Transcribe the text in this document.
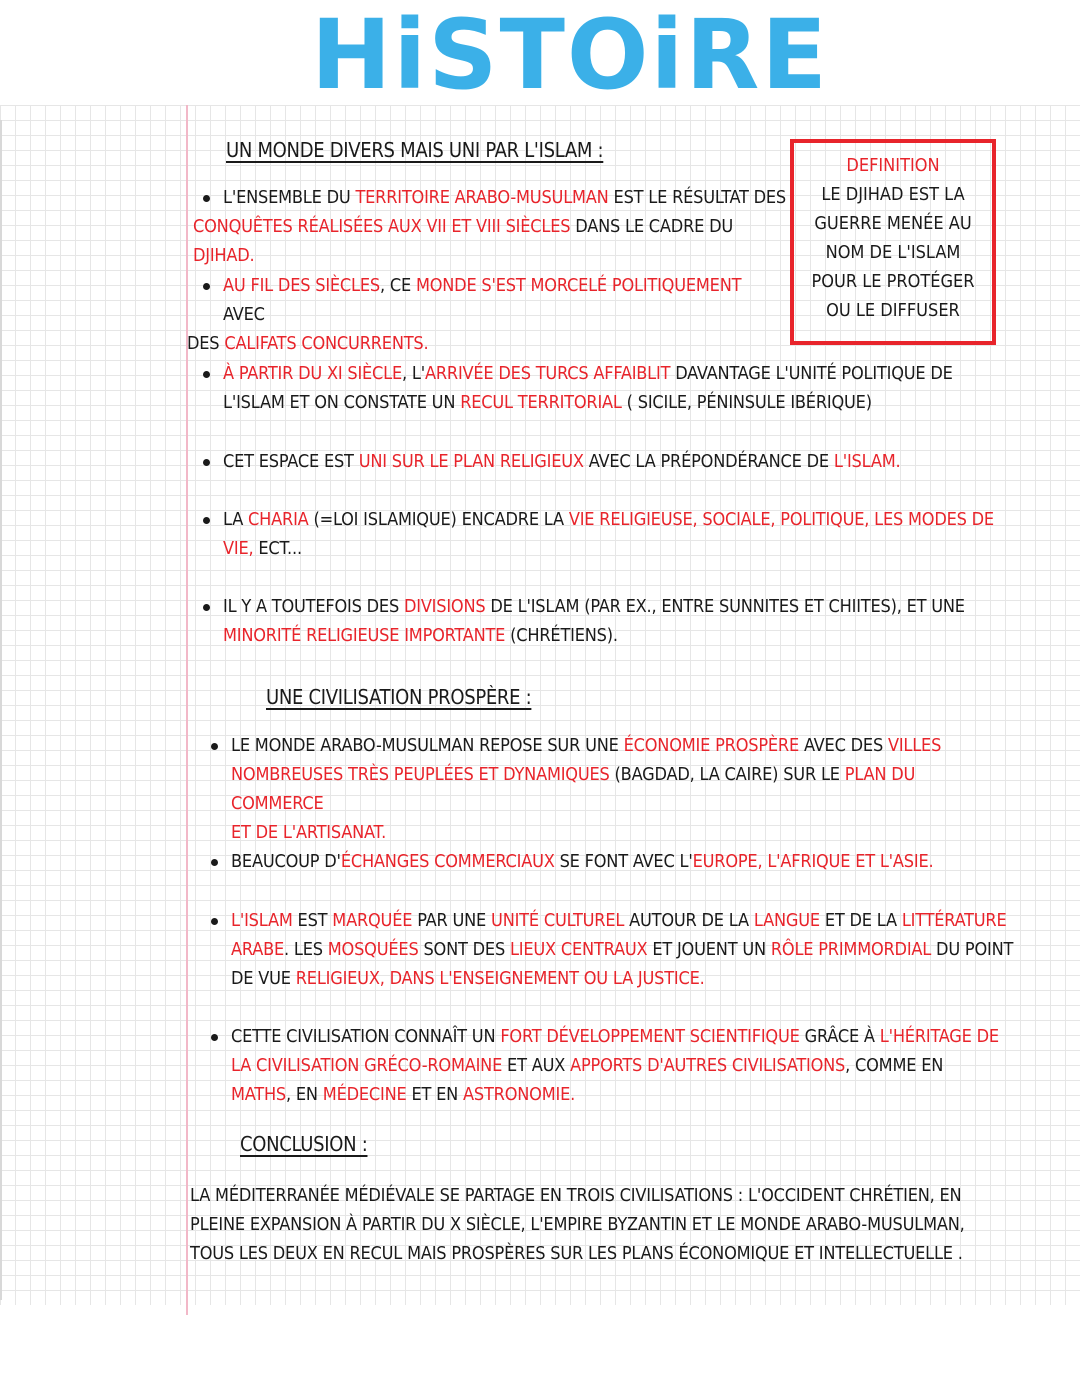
HiSTOiRE
DEFINITION
LE DJIHAD EST LA
GUERRE MENÉE AU
NOM DE L'ISLAM
POUR LE PROTÉGER
OU LE DIFFUSER
UN MONDE DIVERS MAIS UNI PAR L'ISLAM :
L'ENSEMBLE DU TERRITOIRE ARABO-MUSULMAN EST LE RÉSULTAT DES
CONQUÊTES RÉALISÉES AUX VII ET VIII SIÈCLES DANS LE CADRE DU DJIHAD.
AU FIL DES SIÈCLES, CE MONDE S'EST MORCELÉ POLITIQUEMENT AVEC
DES CALIFATS CONCURRENTS.
À PARTIR DU XI SIÈCLE, L'ARRIVÉE DES TURCS AFFAIBLIT DAVANTAGE L'UNITÉ POLITIQUE DE
L'ISLAM ET ON CONSTATE UN RECUL TERRITORIAL ( SICILE, PÉNINSULE IBÉRIQUE)
CET ESPACE EST UNI SUR LE PLAN RELIGIEUX AVEC LA PRÉPONDÉRANCE DE L'ISLAM.
LA CHARIA (=LOI ISLAMIQUE) ENCADRE LA VIE RELIGIEUSE, SOCIALE, POLITIQUE, LES MODES DE
VIE, ECT...
IL Y A TOUTEFOIS DES DIVISIONS DE L'ISLAM (PAR EX., ENTRE SUNNITES ET CHIITES), ET UNE
MINORITÉ RELIGIEUSE IMPORTANTE (CHRÉTIENS).
UNE CIVILISATION PROSPÈRE :
LE MONDE ARABO-MUSULMAN REPOSE SUR UNE ÉCONOMIE PROSPÈRE AVEC DES VILLES
NOMBREUSES TRÈS PEUPLÉES ET DYNAMIQUES (BAGDAD, LA CAIRE) SUR LE PLAN DU COMMERCE
ET DE L'ARTISANAT.
BEAUCOUP D'ÉCHANGES COMMERCIAUX SE FONT AVEC L'EUROPE, L'AFRIQUE ET L'ASIE.
L'ISLAM EST MARQUÉE PAR UNE UNITÉ CULTUREL AUTOUR DE LA LANGUE ET DE LA LITTÉRATURE
ARABE. LES MOSQUÉES SONT DES LIEUX CENTRAUX ET JOUENT UN RÔLE PRIMMORDIAL DU POINT
DE VUE RELIGIEUX, DANS L'ENSEIGNEMENT OU LA JUSTICE.
CETTE CIVILISATION CONNAÎT UN FORT DÉVELOPPEMENT SCIENTIFIQUE GRÂCE À L'HÉRITAGE DE
LA CIVILISATION GRÉCO-ROMAINE ET AUX APPORTS D'AUTRES CIVILISATIONS, COMME EN
MATHS, EN MÉDECINE ET EN ASTRONOMIE.
CONCLUSION :
LA MÉDITERRANÉE MÉDIÉVALE SE PARTAGE EN TROIS CIVILISATIONS : L'OCCIDENT CHRÉTIEN, EN
PLEINE EXPANSION À PARTIR DU X SIÈCLE, L'EMPIRE BYZANTIN ET LE MONDE ARABO-MUSULMAN,
TOUS LES DEUX EN RECUL MAIS PROSPÈRES SUR LES PLANS ÉCONOMIQUE ET INTELLECTUELLE .
